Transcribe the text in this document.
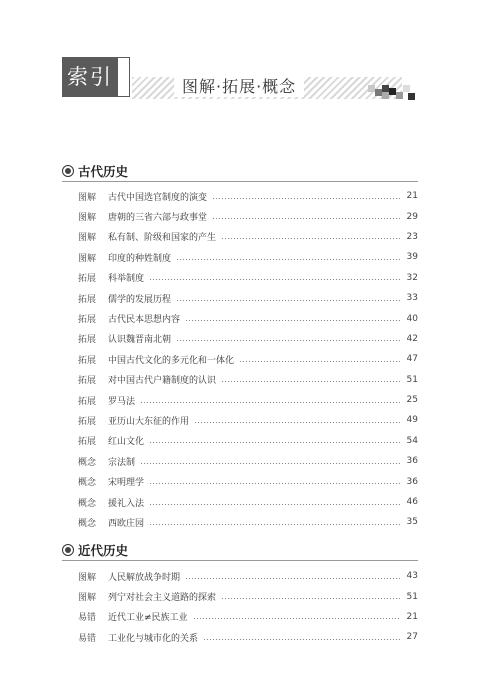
索引	图解·拓展·概念
古代历史
图解	古代中国选官制度的演变	21
图解	唐朝的三省六部与政事堂	29
图解	私有制、阶级和国家的产生	23
图解	印度的种姓制度	39
拓展	科举制度	32
拓展	儒学的发展历程	33
拓展	古代民本思想内容	40
拓展	认识魏晋南北朝	42
拓展	中国古代文化的多元化和一体化	47
拓展	对中国古代户籍制度的认识	51
拓展	罗马法	25
拓展	亚历山大东征的作用	49
拓展	红山文化	54
概念	宗法制	36
概念	宋明理学	36
概念	援礼入法	46
概念	西欧庄园	35
近代历史
图解	人民解放战争时期	43
图解	列宁对社会主义道路的探索	51
易错	近代工业≠民族工业	21
易错	工业化与城市化的关系	27
